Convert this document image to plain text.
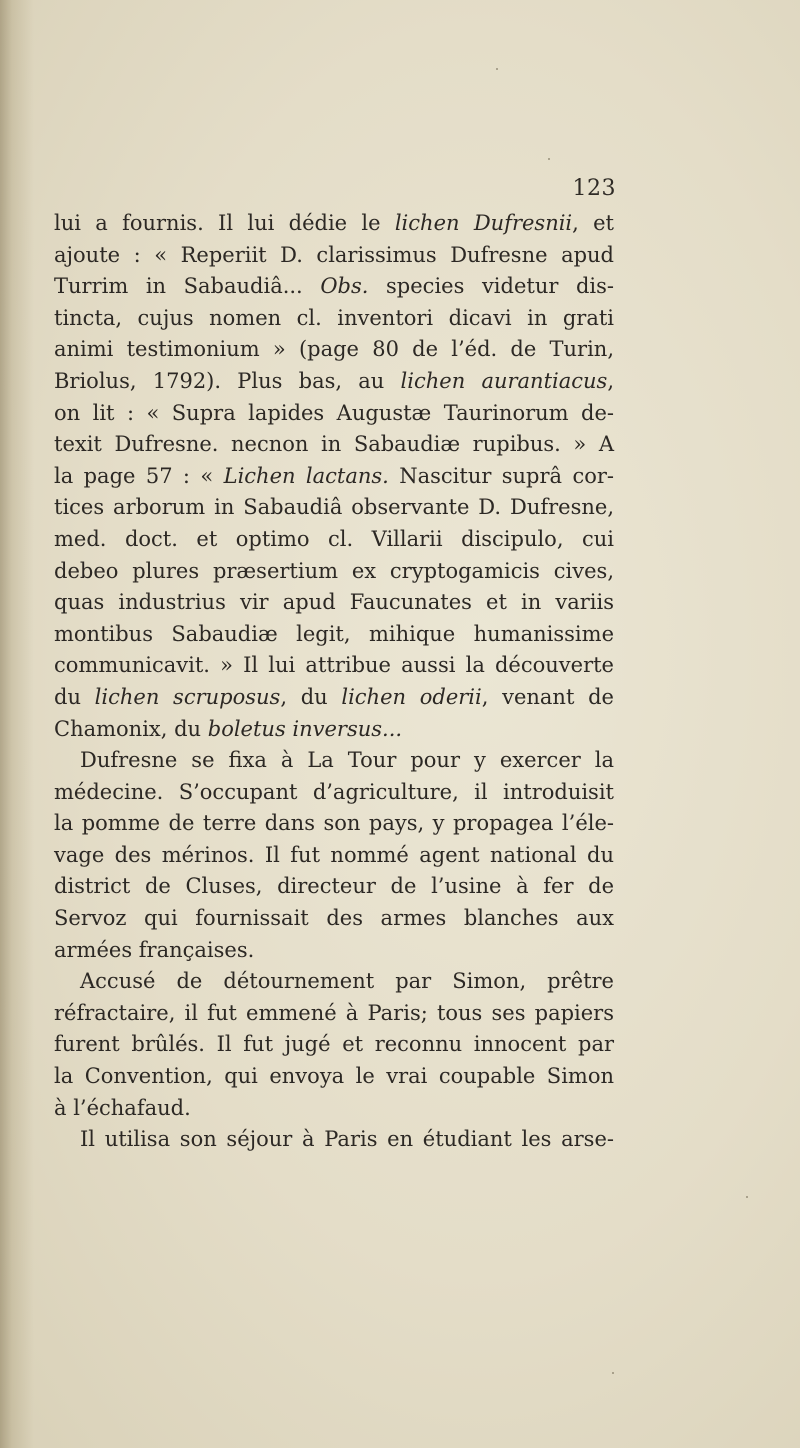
123
lui a fournis. Il lui dédie le lichen Dufresnii, et
ajoute : « Reperiit D. clarissimus Dufresne apud
Turrim in Sabaudiâ... Obs. species videtur dis-
tincta, cujus nomen cl. inventori dicavi in grati
animi testimonium » (page 80 de l’éd. de Turin,
Briolus, 1792). Plus bas, au lichen aurantiacus,
on lit : « Supra lapides Augustæ Taurinorum de-
texit Dufresne. necnon in Sabaudiæ rupibus. » A
la page 57 : « Lichen lactans. Nascitur suprâ cor-
tices arborum in Sabaudiâ observante D. Dufresne,
med. doct. et optimo cl. Villarii discipulo, cui
debeo plures præsertium ex cryptogamicis cives,
quas industrius vir apud Faucunates et in variis
montibus Sabaudiæ legit, mihique humanissime
communicavit. » Il lui attribue aussi la découverte
du lichen scruposus, du lichen oderii, venant de
Chamonix, du boletus inversus...
Dufresne se fixa à La Tour pour y exercer la
médecine. S’occupant d’agriculture, il introduisit
la pomme de terre dans son pays, y propagea l’éle-
vage des mérinos. Il fut nommé agent national du
district de Cluses, directeur de l’usine à fer de
Servoz qui fournissait des armes blanches aux
armées françaises.
Accusé de détournement par Simon, prêtre
réfractaire, il fut emmené à Paris; tous ses papiers
furent brûlés. Il fut jugé et reconnu innocent par
la Convention, qui envoya le vrai coupable Simon
à l’échafaud.
Il utilisa son séjour à Paris en étudiant les arse-
